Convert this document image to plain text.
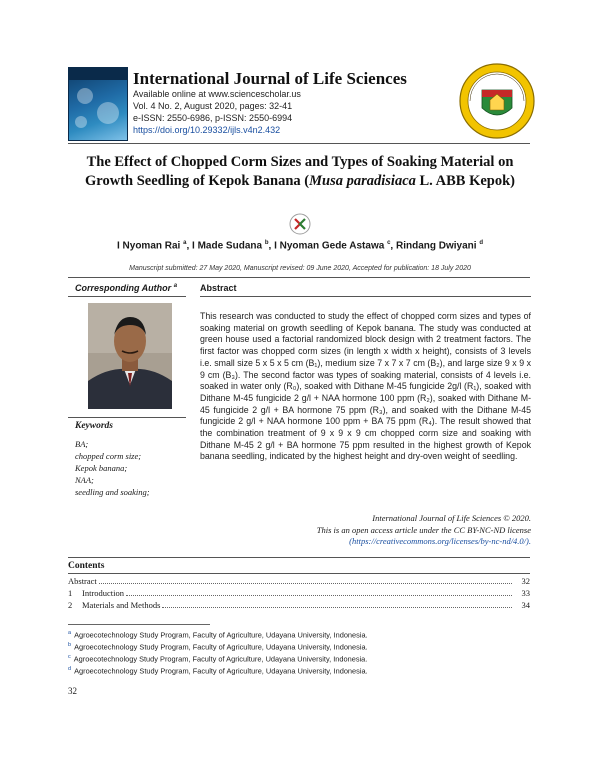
International Journal of Life Sciences
Available online at www.sciencescholar.us
Vol. 4 No. 2, August 2020, pages: 32-41
e-ISSN: 2550-6986, p-ISSN: 2550-6994
https://doi.org/10.29332/ijls.v4n2.432
The Effect of Chopped Corm Sizes and Types of Soaking Material on Growth Seedling of Kepok Banana (Musa paradisiaca L. ABB Kepok)
I Nyoman Rai $^a$, I Made Sudana $^b$, I Nyoman Gede Astawa $^c$, Rindang Dwiyani $^d$
Manuscript submitted: 27 May 2020, Manuscript revised: 09 June 2020, Accepted for publication: 18 July 2020
Corresponding Author $^a$
Keywords
BA;
chopped corm size;
Kepok banana;
NAA;
seedling and soaking;
Abstract
This research was conducted to study the effect of chopped corm sizes and types of soaking material on growth seedling of Kepok banana. The study was conducted at green house used a factorial randomized block design with 2 treatment factors. The first factor was chopped corm sizes (in length x width x height), consists of 3 levels i.e. small size 5 x 5 x 5 cm (B₁), medium size 7 x 7 x 7 cm (B₂), and large size 9 x 9 x 9 cm (B₃). The second factor was types of soaking material, consists of 4 levels i.e. soaked in water only (R₀), soaked with Dithane M-45 fungicide 2g/l (R₁), soaked with Dithane M-45 fungicide 2 g/l + NAA hormone 100 ppm (R₂), soaked with Dithane M-45 fungicide 2 g/l + BA hormone 75 ppm (R₃), and soaked with the Dithane M-45 fungicide 2 g/l + NAA hormone 100 ppm + BA 75 ppm (R₄). The result showed that the combination treatment of 9 x 9 x 9 cm chopped corm size and soaking with Dithane M-45 2 g/l + BA hormone 75 ppm resulted in the highest growth of Kepok banana seedling, indicated by the highest height and dry-oven weight of seedling.
International Journal of Life Sciences © 2020.
This is an open access article under the CC BY-NC-ND license
(https://creativecommons.org/licenses/by-nc-nd/4.0/).
Contents
Abstract	32
1	Introduction	33
2	Materials and Methods	34
$^a$ Agroecotechnology Study Program, Faculty of Agriculture, Udayana University, Indonesia.
$^b$ Agroecotechnology Study Program, Faculty of Agriculture, Udayana University, Indonesia.
$^c$ Agroecotechnology Study Program, Faculty of Agriculture, Udayana University, Indonesia.
$^d$ Agroecotechnology Study Program, Faculty of Agriculture, Udayana University, Indonesia.
32
